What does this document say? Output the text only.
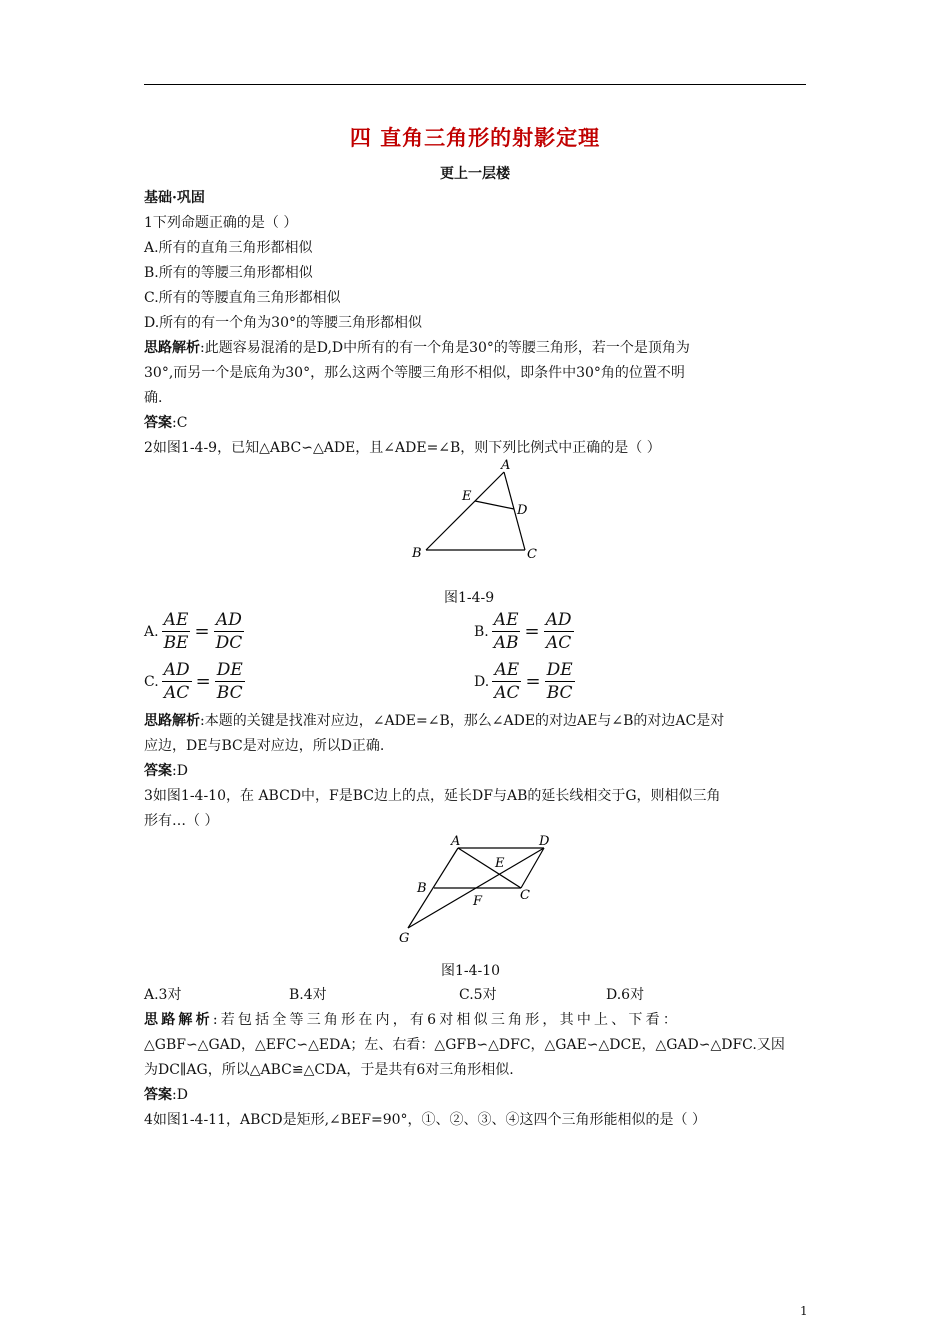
四 直角三角形的射影定理
更上一层楼
基础·巩固
1下列命题正确的是（ ）
A.所有的直角三角形都相似
B.所有的等腰三角形都相似
C.所有的等腰直角三角形都相似
D.所有的有一个角为30°的等腰三角形都相似
思路解析:此题容易混淆的是D,D中所有的有一个角是30°的等腰三角形，若一个是顶角为
30°,而另一个是底角为30°，那么这两个等腰三角形不相似，即条件中30°角的位置不明
确.
答案:C
2如图1-4-9，已知△ABC∽△ADE，且∠ADE=∠B，则下列比例式中正确的是（ ）
A
E
D
B	C
图1-4-9
A. $\frac{AE}{BE} = \frac{AD}{DC}$	B. $\frac{AE}{AB} = \frac{AD}{AC}$
C. $\frac{AD}{AC} = \frac{DE}{BC}$	D. $\frac{AE}{AC} = \frac{DE}{BC}$
思路解析:本题的关键是找准对应边，∠ADE=∠B，那么∠ADE的对边AE与∠B的对边AC是对
应边，DE与BC是对应边，所以D正确.
答案:D
3如图1-4-10，在 ABCD中，F是BC边上的点，延长DF与AB的延长线相交于G，则相似三角
形有…（ ）
A	D
E
B	C
F
G
图1-4-10
A.3对	B.4对	C.5对	D.6对
思路解析:若包括全等三角形在内，有6对相似三角形，其中上、下看：
△GBF∽△GAD，△EFC∽△EDA；左、右看：△GFB∽△DFC，△GAE∽△DCE，△GAD∽△DFC.又因
为DC∥AG，所以△ABC≌△CDA，于是共有6对三角形相似.
答案:D
4如图1-4-11，ABCD是矩形,∠BEF=90°，①、②、③、④这四个三角形能相似的是（ ）
1
